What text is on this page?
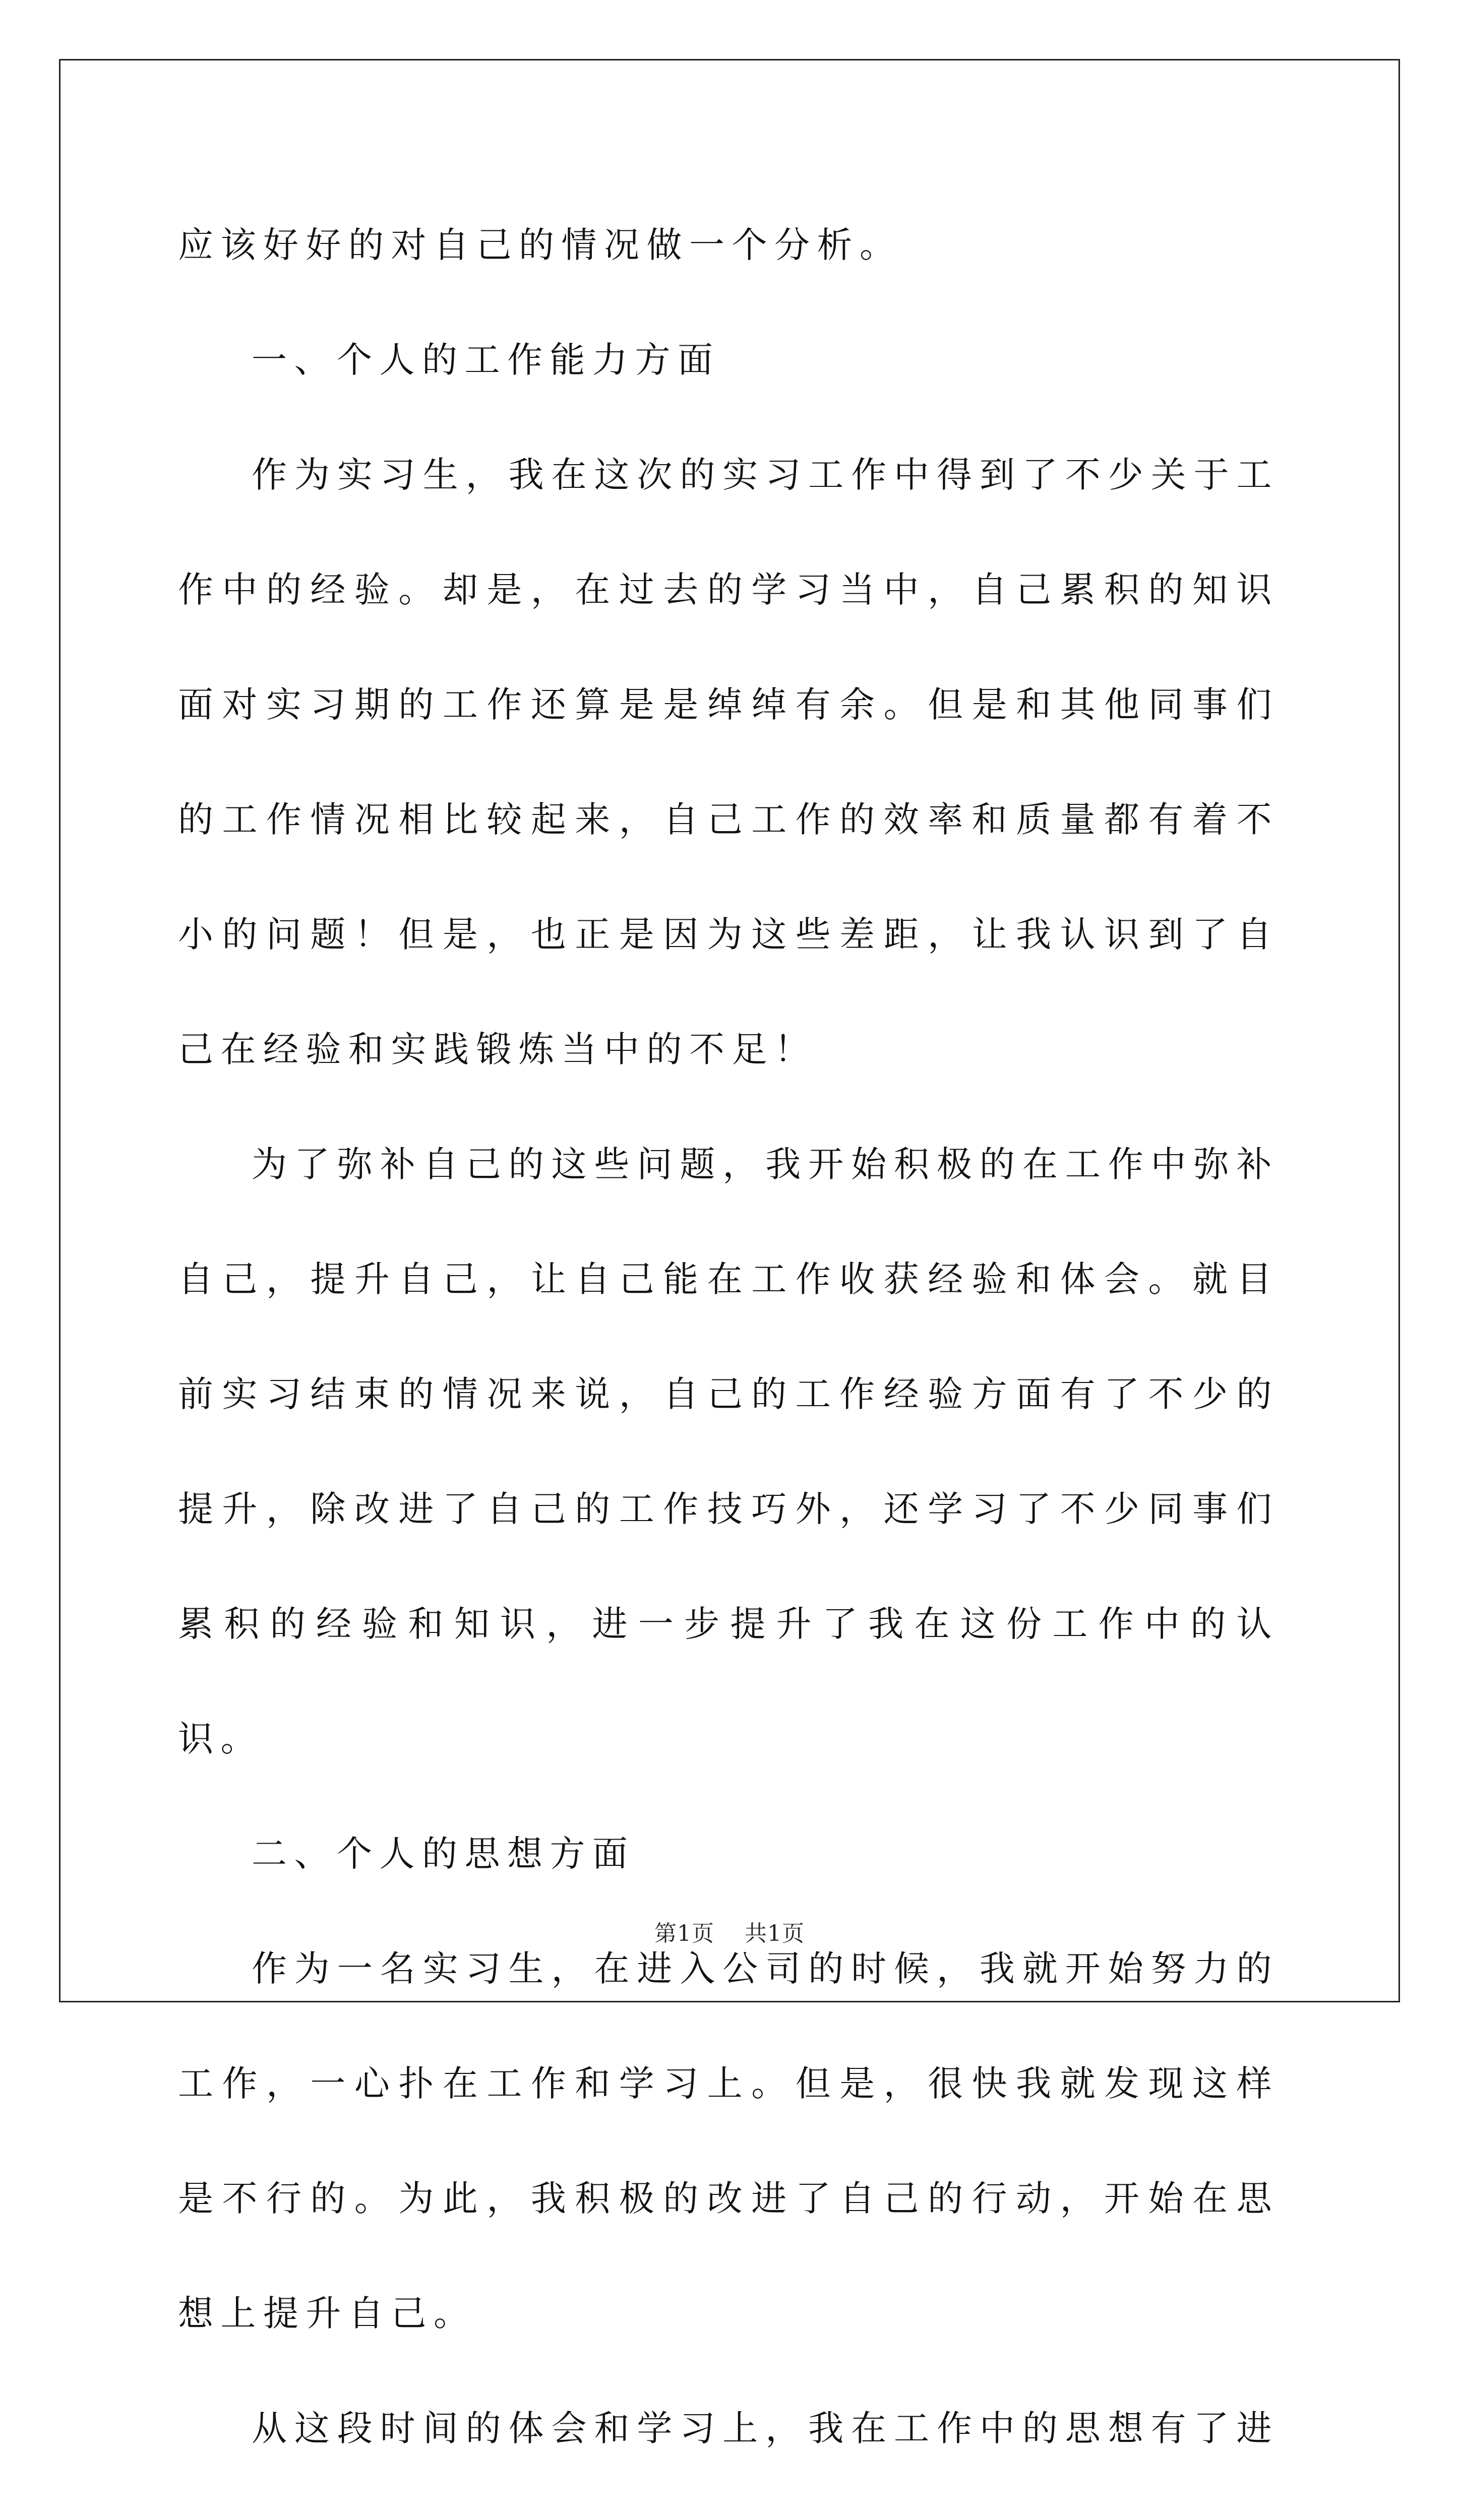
应该好好的对自己的情况做一个分析。

一、个人的工作能力方面

作为实习生，我在这次的实习工作中得到了不少关于工作中的经验。却是，在过去的学习当中，自己累积的知识面对实习期的工作还算是是绰绰有余。但是和其他同事们的工作情况相比较起来，自己工作的效率和质量都有着不小的问题！但是，也正是因为这些差距，让我认识到了自己在经验和实践锻炼当中的不足！

为了弥补自己的这些问题，我开始积极的在工作中弥补自己，提升自己，让自己能在工作收获经验和体会。就目前实习结束的情况来说，自己的工作经验方面有了不少的提升，除改进了自己的工作技巧外，还学习了不少同事们累积的经验和知识，进一步提升了我在这份工作中的认识。

二、个人的思想方面

作为一名实习生，在进入公司的时候，我就开始努力的工作，一心扑在工作和学习上。但是，很快我就发现这样是不行的。为此，我积极的改进了自己的行动，开始在思想上提升自己。

从这段时间的体会和学习上，我在工作中的思想有了进

第1页 共1页
